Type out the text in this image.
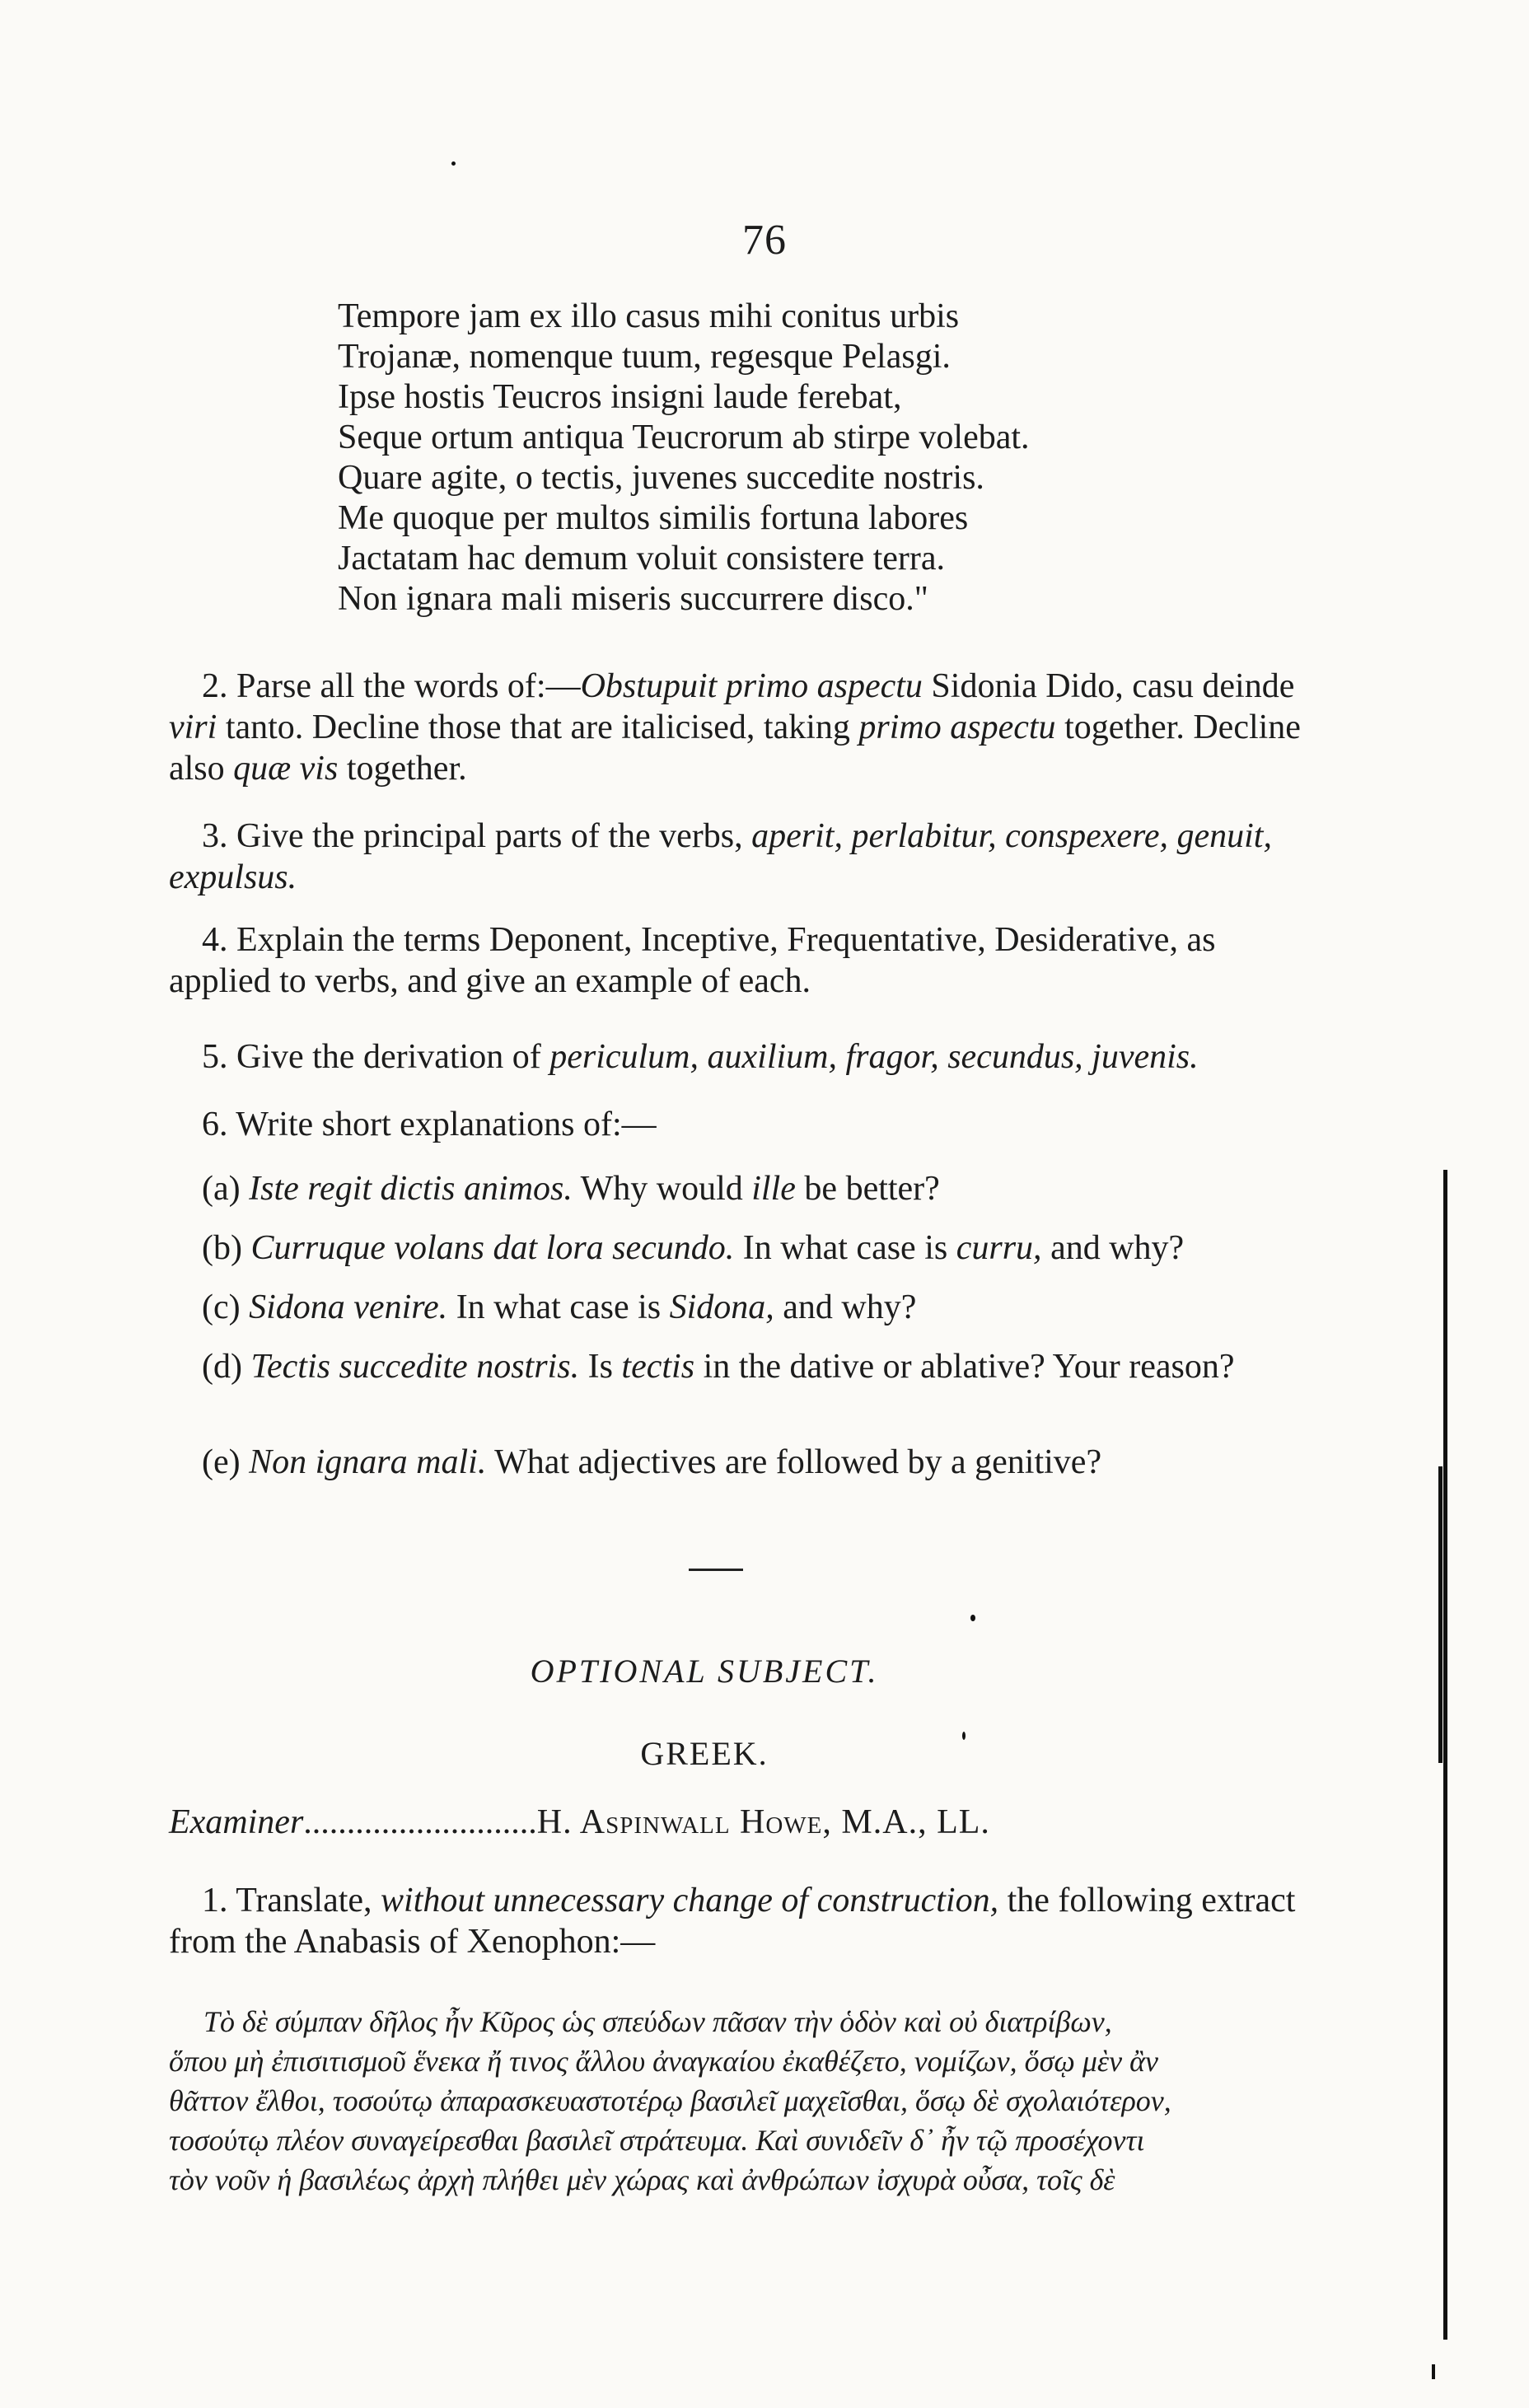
76
Tempore jam ex illo casus mihi conitus urbis
Trojanæ, nomenque tuum, regesque Pelasgi.
Ipse hostis Teucros insigni laude ferebat,
Seque ortum antiqua Teucrorum ab stirpe volebat.
Quare agite, o tectis, juvenes succedite nostris.
Me quoque per multos similis fortuna labores
Jactatam hac demum voluit consistere terra.
Non ignara mali miseris succurrere disco."
2. Parse all the words of:—Obstupuit primo aspectu Sidonia Dido, casu deinde viri tanto. Decline those that are italicised, taking primo aspectu together. Decline also quæ vis together.
3. Give the principal parts of the verbs, aperit, perlabitur, conspexere, genuit, expulsus.
4. Explain the terms Deponent, Inceptive, Frequentative, Desiderative, as applied to verbs, and give an example of each.
5. Give the derivation of periculum, auxilium, fragor, secundus, juvenis.
6. Write short explanations of:—
(a) Iste regit dictis animos. Why would ille be better?
(b) Curruque volans dat lora secundo. In what case is curru, and why?
(c) Sidona venire. In what case is Sidona, and why?
(d) Tectis succedite nostris. Is tectis in the dative or ablative? Your reason?
(e) Non ignara mali. What adjectives are followed by a genitive?
OPTIONAL SUBJECT.
GREEK.
Examiner...........................H. Aspinwall Howe, M.A., LL.
1. Translate, without unnecessary change of construction, the following extract from the Anabasis of Xenophon:—
Τὸ δὲ σύμπαν δῆλος ἦν Κῦρος ὡς σπεύδων πᾶσαν τὴν ὁδὸν καὶ οὐ διατρίβων,
ὅπου μὴ ἐπισιτισμοῦ ἕνεκα ἤ τινος ἄλλου ἀναγκαίου ἐκαθέζετο, νομίζων, ὅσῳ μὲν ἂν
θᾶττον ἔλθοι, τοσούτῳ ἀπαρασκευαστοτέρῳ βασιλεῖ μαχεῖσθαι, ὅσῳ δὲ σχολαιότερον,
τοσούτῳ πλέον συναγείρεσθαι βασιλεῖ στράτευμα. Καὶ συνιδεῖν δ᾽ ἦν τῷ προσέχοντι
τὸν νοῦν ἡ βασιλέως ἀρχὴ πλήθει μὲν χώρας καὶ ἀνθρώπων ἰσχυρὰ οὖσα, τοῖς δὲ
